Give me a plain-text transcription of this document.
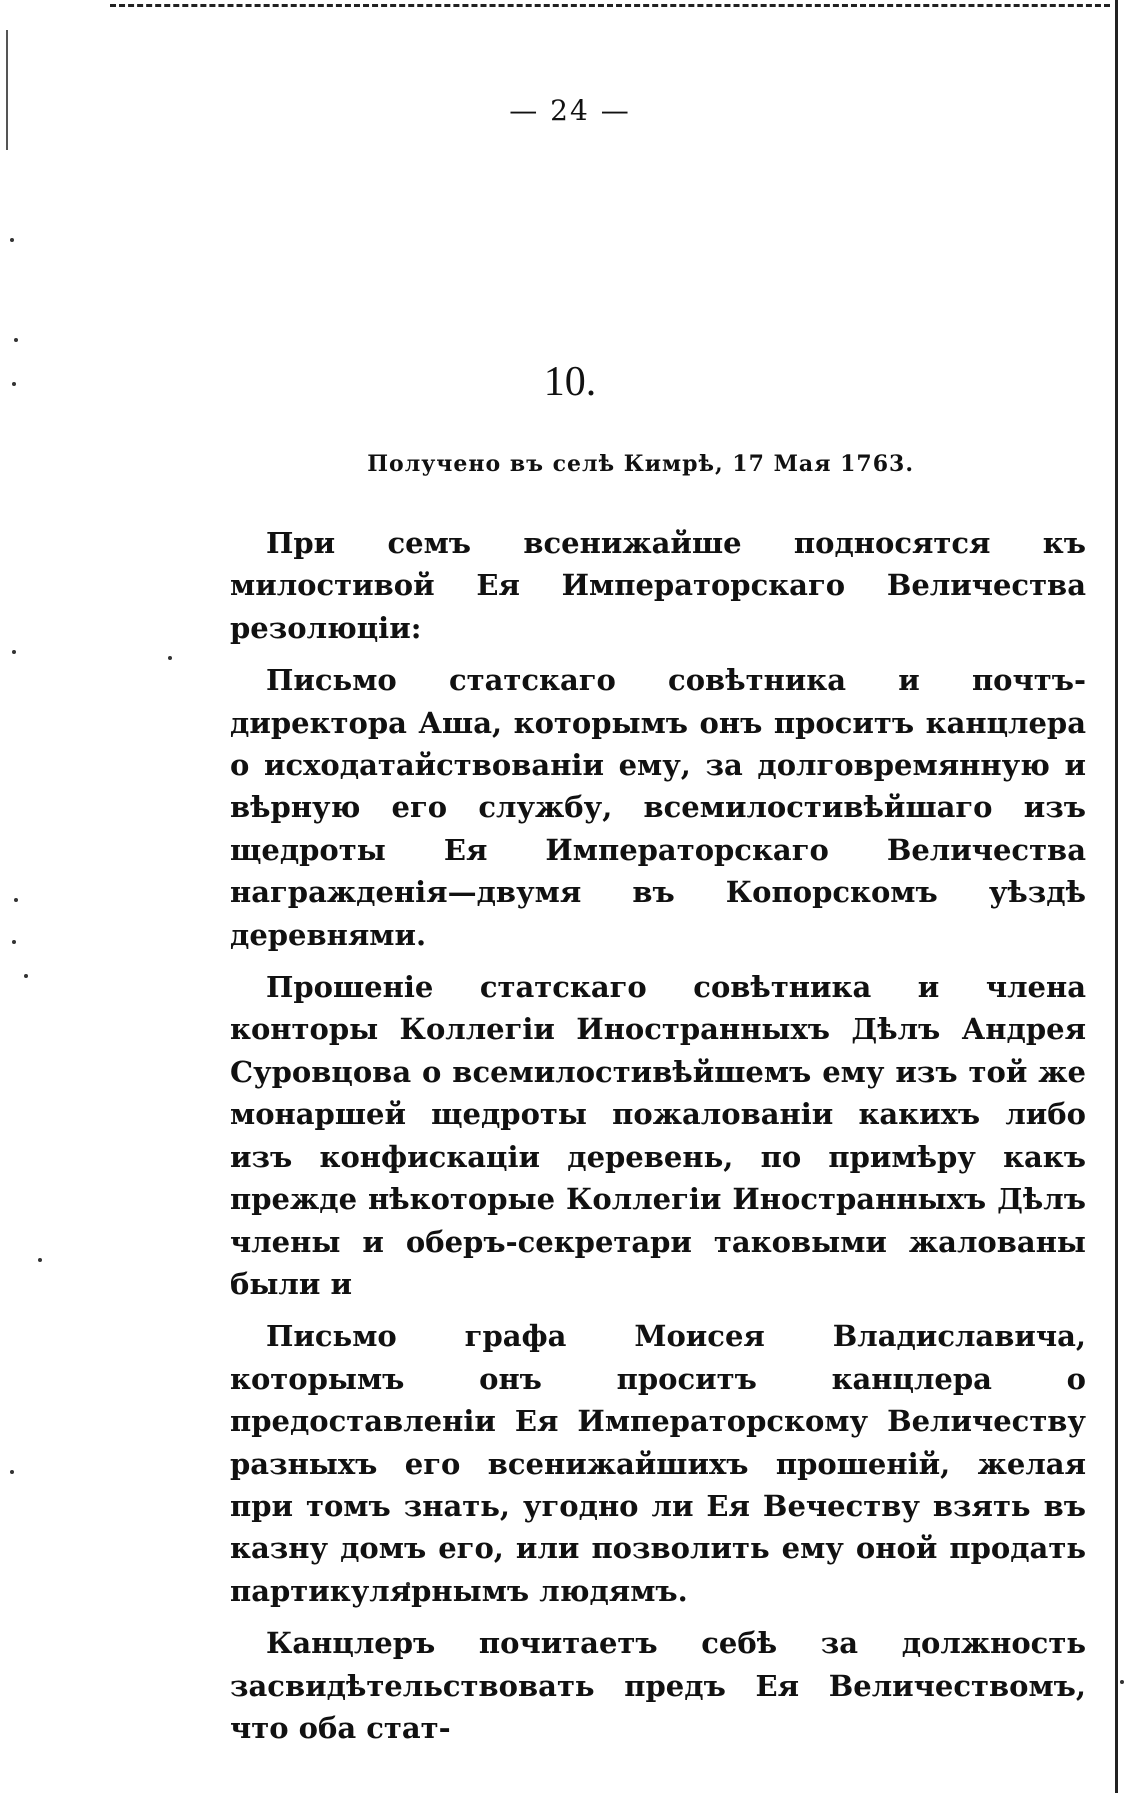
— 24 —
10.
Получено въ селѣ Кимрѣ, 17 Мая 1763.

При семъ всенижайше подносятся къ милостивой Ея Императорскаго Величества резолюціи:

Письмо статскаго совѣтника и почтъ-директора Аша, которымъ онъ проситъ канцлера о исходатайствованіи ему, за долговремянную и вѣрную его службу, всемилостивѣйшаго изъ щедроты Ея Императорскаго Величества награжденія—двумя въ Копорскомъ уѣздѣ деревнями.

Прошеніе статскаго совѣтника и члена конторы Коллегіи Иностранныхъ Дѣлъ Андрея Суровцова о всемилостивѣйшемъ ему изъ той же монаршей щедроты пожалованіи какихъ либо изъ конфискаціи деревень, по примѣру какъ прежде нѣкоторые Коллегіи Иностранныхъ Дѣлъ члены и оберъ-секретари таковыми жалованы были и

Письмо графа Моисея Владиславича, которымъ онъ проситъ канцлера о предоставленіи Ея Императорскому Величеству разныхъ его всенижайшихъ прошеній, желая при томъ знать, угодно ли Ея Вечеству взять въ казну домъ его, или позволить ему оной продать партикулярнымъ людямъ.

Канцлеръ почитаетъ себѣ за должность засвидѣтельствовать предъ Ея Величествомъ, что оба стат-
